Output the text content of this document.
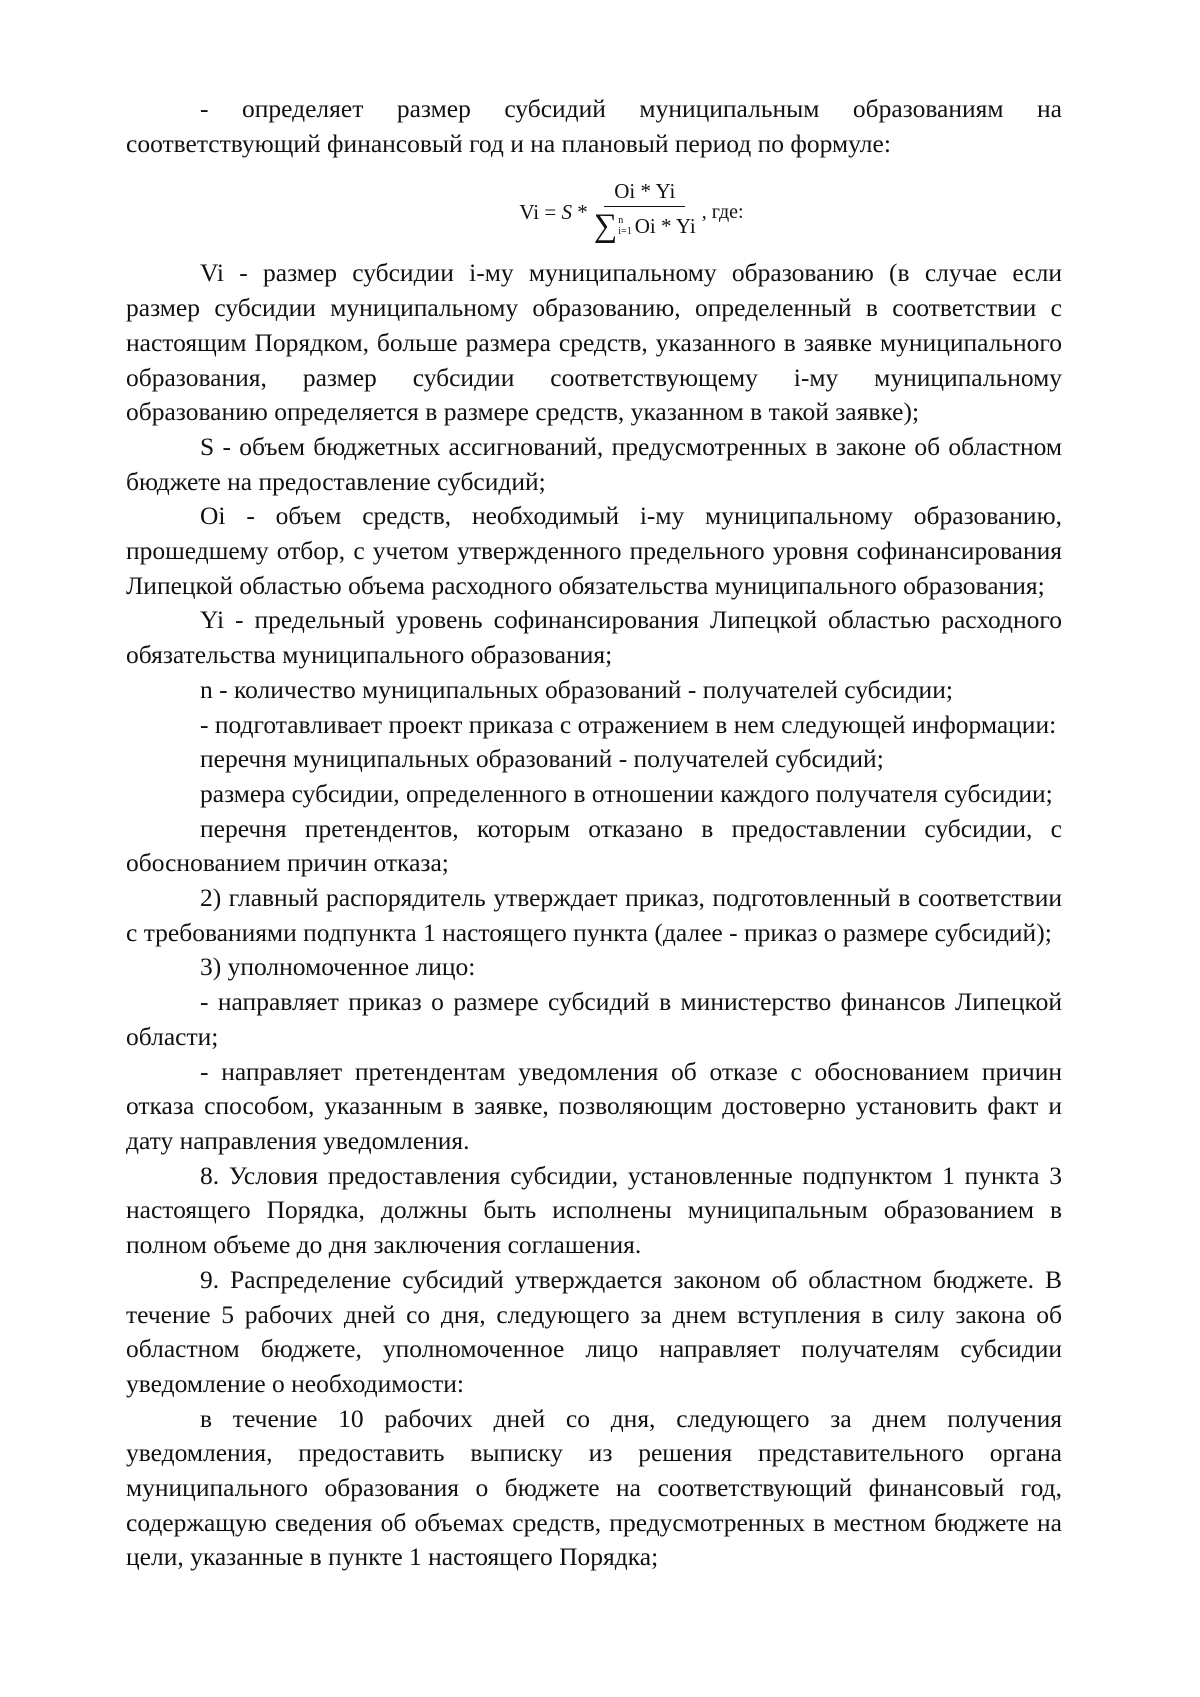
- определяет размер субсидий муниципальным образованиям на соответствующий финансовый год и на плановый период по формуле:

Vi = S *
Oi * Yi
∑ n
i=1 Oi * Yi
, где:

Vi - размер субсидии i-му муниципальному образованию (в случае если размер субсидии муниципальному образованию, определенный в соответствии с настоящим Порядком, больше размера средств, указанного в заявке муниципального образования, размер субсидии соответствующему i-му муниципальному образованию определяется в размере средств, указанном в такой заявке);

S - объем бюджетных ассигнований, предусмотренных в законе об областном бюджете на предоставление субсидий;

Oi - объем средств, необходимый i-му муниципальному образованию, прошедшему отбор, с учетом утвержденного предельного уровня софинансирования Липецкой областью объема расходного обязательства муниципального образования;

Yi - предельный уровень софинансирования Липецкой областью расходного обязательства муниципального образования;

n - количество муниципальных образований - получателей субсидии;

- подготавливает проект приказа с отражением в нем следующей информации:

перечня муниципальных образований - получателей субсидий;

размера субсидии, определенного в отношении каждого получателя субсидии;

перечня претендентов, которым отказано в предоставлении субсидии, с обоснованием причин отказа;

2) главный распорядитель утверждает приказ, подготовленный в соответствии с требованиями подпункта 1 настоящего пункта (далее - приказ о размере субсидий);

3) уполномоченное лицо:

- направляет приказ о размере субсидий в министерство финансов Липецкой области;

- направляет претендентам уведомления об отказе с обоснованием причин отказа способом, указанным в заявке, позволяющим достоверно установить факт и дату направления уведомления.

8. Условия предоставления субсидии, установленные подпунктом 1 пункта 3 настоящего Порядка, должны быть исполнены муниципальным образованием в полном объеме до дня заключения соглашения.

9. Распределение субсидий утверждается законом об областном бюджете. В течение 5 рабочих дней со дня, следующего за днем вступления в силу закона об областном бюджете, уполномоченное лицо направляет получателям субсидии уведомление о необходимости:

в течение 10 рабочих дней со дня, следующего за днем получения уведомления, предоставить выписку из решения представительного органа муниципального образования о бюджете на соответствующий финансовый год, содержащую сведения об объемах средств, предусмотренных в местном бюджете на цели, указанные в пункте 1 настоящего Порядка;
